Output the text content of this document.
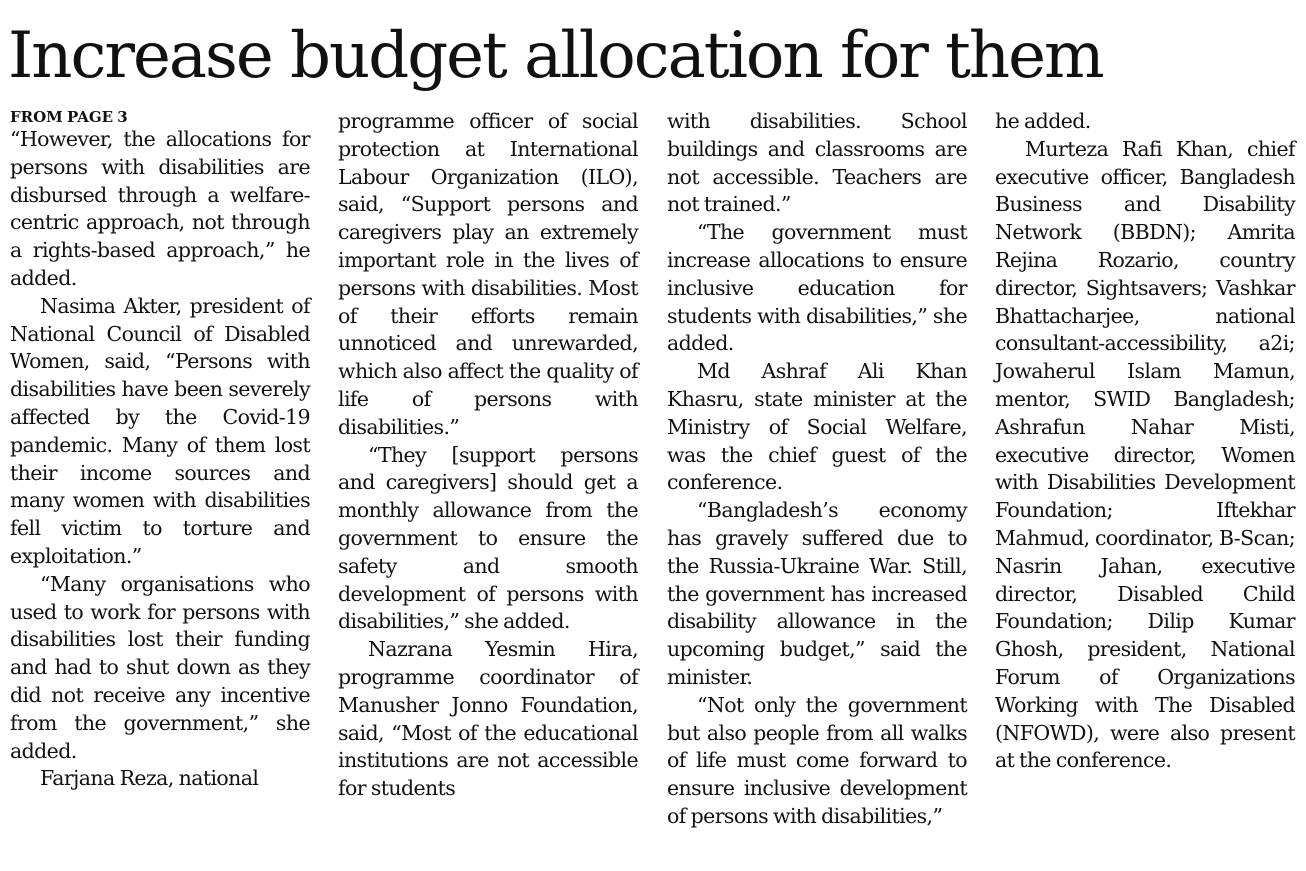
Increase budget allocation for them
FROM PAGE 3

“However, the allocations for persons with disabilities are disbursed through a welfare-centric approach, not through a rights-based approach,” he added.

Nasima Akter, president of National Council of Disabled Women, said, “Persons with disabilities have been severely affected by the Covid-19 pandemic. Many of them lost their income sources and many women with disabilities fell victim to torture and exploitation.”

“Many organisations who used to work for persons with disabilities lost their funding and had to shut down as they did not receive any incentive from the government,” she added.

Farjana Reza, national

programme officer of social protection at International Labour Organization (ILO), said, “Support persons and caregivers play an extremely important role in the lives of persons with disabilities. Most of their efforts remain unnoticed and unrewarded, which also affect the quality of life of persons with disabilities.”

“They [support persons and caregivers] should get a monthly allowance from the government to ensure the safety and smooth development of persons with disabilities,” she added.

Nazrana Yesmin Hira, programme coordinator of Manusher Jonno Foundation, said, “Most of the educational institutions are not accessible for students

with disabilities. School buildings and classrooms are not accessible. Teachers are not trained.”

“The government must increase allocations to ensure inclusive education for students with disabilities,” she added.

Md Ashraf Ali Khan Khasru, state minister at the Ministry of Social Welfare, was the chief guest of the conference.

“Bangladesh’s economy has gravely suffered due to the Russia-Ukraine War. Still, the government has increased disability allowance in the upcoming budget,” said the minister.

“Not only the government but also people from all walks of life must come forward to ensure inclusive development of persons with disabilities,”

he added.

Murteza Rafi Khan, chief executive officer, Bangladesh Business and Disability Network (BBDN); Amrita Rejina Rozario, country director, Sightsavers; Vashkar Bhattacharjee, national consultant-accessibility, a2i; Jowaherul Islam Mamun, mentor, SWID Bangladesh; Ashrafun Nahar Misti, executive director, Women with Disabilities Development Foundation; Iftekhar Mahmud, coordinator, B-Scan; Nasrin Jahan, executive director, Disabled Child Foundation; Dilip Kumar Ghosh, president, National Forum of Organizations Working with The Disabled (NFOWD), were also present at the conference.
